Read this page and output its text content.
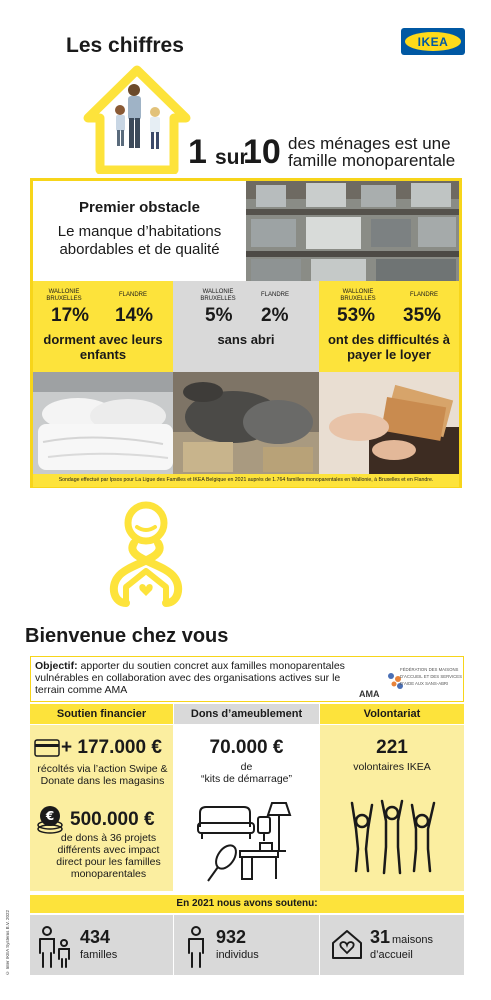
Les chiffres	IKEA
1 sur
10 des ménages est une famille monoparentale
Premier obstacle
Le manque d’habitations abordables et de qualité
WALLONIE BRUXELLES
FLANDRE
17% 14%
dorment avec leurs enfants
WALLONIE BRUXELLES
FLANDRE
5% 2%
sans abri
WALLONIE BRUXELLES
FLANDRE
53% 35%
ont des difficultés à payer le loyer
Sondage effectué par Ipsos pour La Ligue des Familles et IKEA Belgique en 2021 auprès de 1.764 familles monoparentales en Wallonie, à Bruxelles et en Flandre.
Bienvenue chez vous
Objectif: apporter du soutien concret aux familles monoparentales vulnérables en collaboration avec des organisations actives sur le terrain comme AMA	AMA
FÉDÉRATION DES MAISONS D’ACCUEIL ET DES SERVICES D’AIDE AUX SANS-ABRI
Soutien financier	Dons d’ameublement	Volontariat
+ 177.000 €
récoltés via l’action Swipe & Donate dans les magasins
€ 500.000 €
de dons à 36 projets différents avec impact direct pour les familles monoparentales
70.000 €
de
“kits de démarrage”
221
volontaires IKEA
En 2021 nous avons soutenu:
434
familles
932
individus
31 maisons
d’accueil
© Inter IKEA Systems B.V. 2022
